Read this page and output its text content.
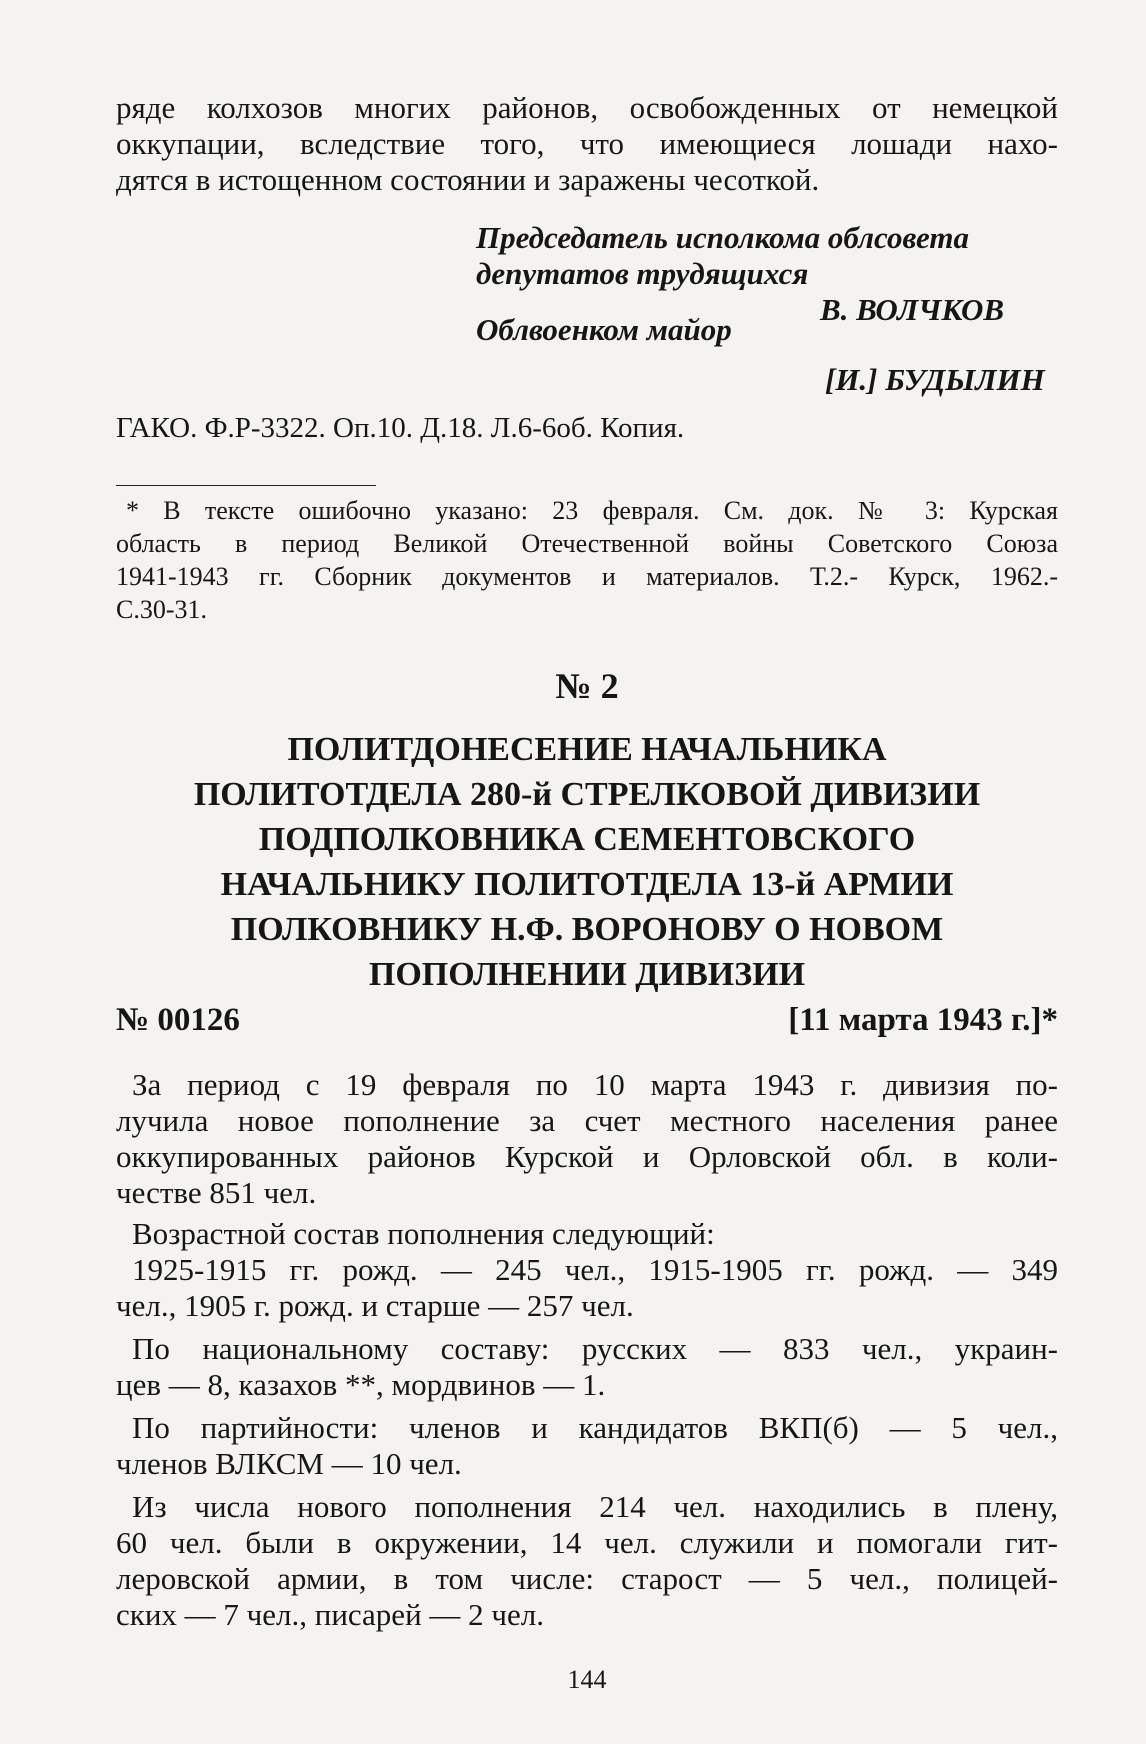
ряде колхозов многих районов, освобожденных от немецкой
оккупации, вследствие того, что имеющиеся лошади нахо-
дятся в истощенном состоянии и заражены чесоткой.
Председатель исполкома облсовета
депутатов трудящихся
В. ВОЛЧКОВ
Облвоенком майор
[И.] БУДЫЛИН
ГАКО. Ф.Р-3322. Оп.10. Д.18. Л.6-6об. Копия.
* В тексте ошибочно указано: 23 февраля. См. док. № 3: Курская
область в период Великой Отечественной войны Советского Союза
1941-1943 гг. Сборник документов и материалов. Т.2.- Курск, 1962.-
С.30-31.
№ 2
ПОЛИТДОНЕСЕНИЕ НАЧАЛЬНИКА
ПОЛИТОТДЕЛА 280-й СТРЕЛКОВОЙ ДИВИЗИИ
ПОДПОЛКОВНИКА СЕМЕНТОВСКОГО
НАЧАЛЬНИКУ ПОЛИТОТДЕЛА 13-й АРМИИ
ПОЛКОВНИКУ Н.Ф. ВОРОНОВУ О НОВОМ
ПОПОЛНЕНИИ ДИВИЗИИ
№ 00126	[11 марта 1943 г.]*
За период с 19 февраля по 10 марта 1943 г. дивизия по-
лучила новое пополнение за счет местного населения ранее
оккупированных районов Курской и Орловской обл. в коли-
честве 851 чел.
Возрастной состав пополнения следующий:
1925-1915 гг. рожд. — 245 чел., 1915-1905 гг. рожд. — 349
чел., 1905 г. рожд. и старше — 257 чел.
По национальному составу: русских — 833 чел., украин-
цев — 8, казахов **, мордвинов — 1.
По партийности: членов и кандидатов ВКП(б) — 5 чел.,
членов ВЛКСМ — 10 чел.
Из числа нового пополнения 214 чел. находились в плену,
60 чел. были в окружении, 14 чел. служили и помогали гит-
леровской армии, в том числе: старост — 5 чел., полицей-
ских — 7 чел., писарей — 2 чел.
144
